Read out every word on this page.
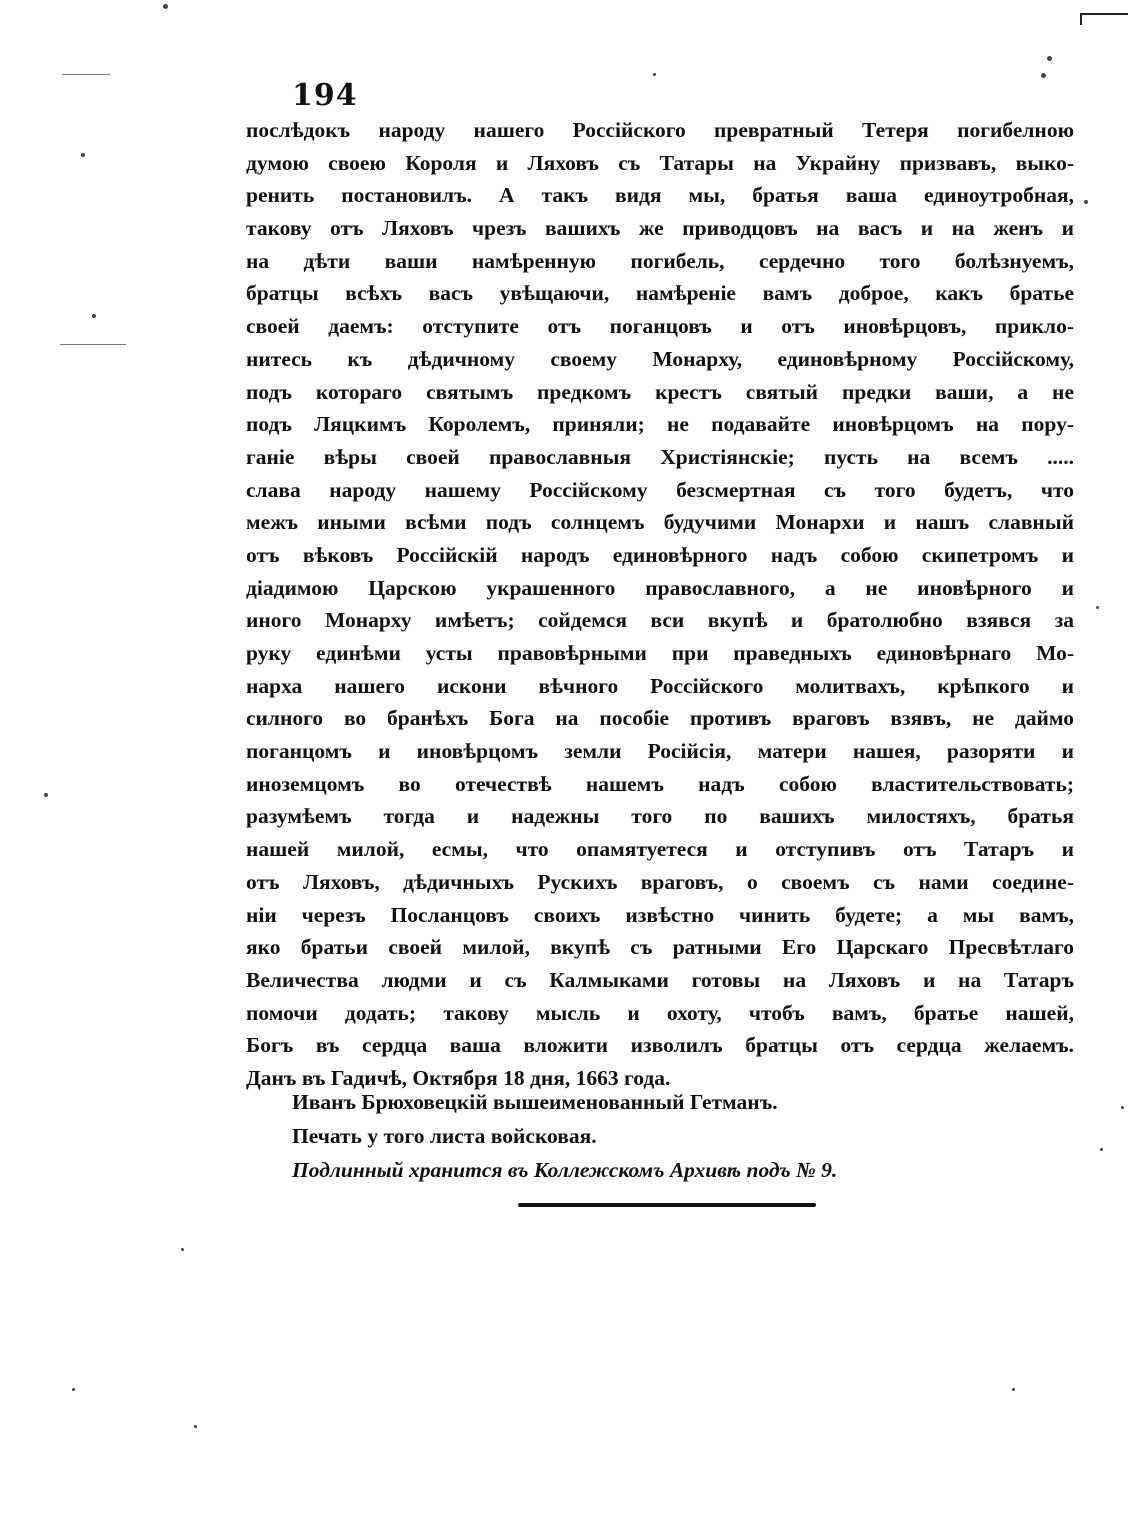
194
послѣдокъ народу нашего Россійского превратный Тетеря погибелною
думою своею Короля и Ляховъ съ Татары на Украйну призвавъ, выко-
ренить постановилъ. А такъ видя мы, братья ваша единоутробная,
такову отъ Ляховъ чрезъ вашихъ же приводцовъ на васъ и на женъ и
на дѣти ваши намѣренную погибель, сердечно того болѣзнуемъ,
братцы всѣхъ васъ увѣщаючи, намѣреніе вамъ доброе, какъ братье
своей даемъ: отступите отъ поганцовъ и отъ иновѣрцовъ, прикло-
нитесь къ дѣдичному своему Монарху, единовѣрному Россійскому,
подъ котораго святымъ предкомъ крестъ святый предки ваши, а не
подъ Ляцкимъ Королемъ, приняли; не подавайте иновѣрцомъ на пору-
ганіе вѣры своей православныя Христіянскіе; пусть на всемъ .....
слава народу нашему Россійскому безсмертная съ того будетъ, что
межъ иными всѣми подъ солнцемъ будучими Монархи и нашъ славный
отъ вѣковъ Россійскій народъ единовѣрного надъ собою скипетромъ и
діадимою Царскою украшенного православного, а не иновѣрного и
иного Монарху имѣетъ; сойдемся вси вкупѣ и братолюбно взявся за
руку единѣми усты правовѣрными при праведныхъ единовѣрнаго Мо-
нарха нашего искони вѣчного Россійского молитвахъ, крѣпкого и
силного во бранѣхъ Бога на пособіе противъ враговъ взявъ, не даймо
поганцомъ и иновѣрцомъ земли Російсія, матери нашея, разоряти и
иноземцомъ во отечествѣ нашемъ надъ собою властительствовать;
разумѣемъ тогда и надежны того по вашихъ милостяхъ, братья
нашей милой, есмы, что опамятуетеся и отступивъ отъ Татаръ и
отъ Ляховъ, дѣдичныхъ Рускихъ враговъ, о своемъ съ нами соедине-
ніи черезъ Посланцовъ своихъ извѣстно чинить будете; а мы вамъ,
яко братьи своей милой, вкупѣ съ ратными Его Царскаго Пресвѣтлаго
Величества людми и съ Калмыками готовы на Ляховъ и на Татаръ
помочи додать; такову мысль и охоту, чтобъ вамъ, братье нашей,
Богъ въ сердца ваша вложити изволилъ братцы отъ сердца желаемъ.
Данъ въ Гадичѣ, Октября 18 дня, 1663 года.
Иванъ Брюховецкій вышеименованный Гетманъ.
Печать у того листа войсковая.
Подлинный хранится въ Коллежскомъ Архивѣ подъ № 9.
